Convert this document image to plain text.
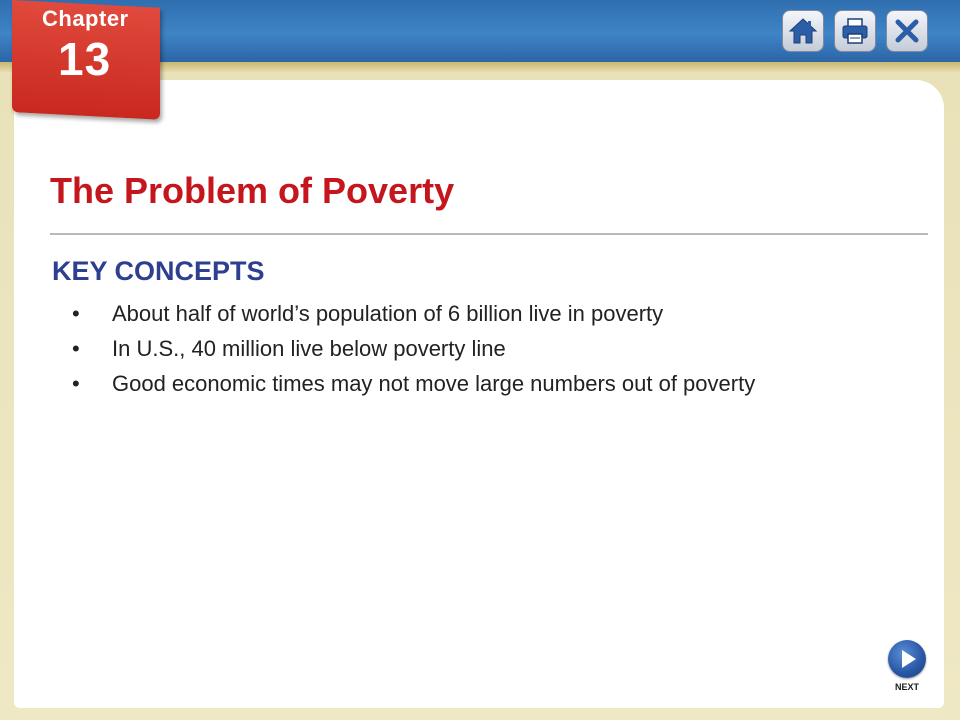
Chapter
13
The Problem of Poverty
KEY CONCEPTS
• About half of world’s population of 6 billion live in poverty
• In U.S., 40 million live below poverty line
• Good economic times may not move large numbers out of poverty
NEXT
